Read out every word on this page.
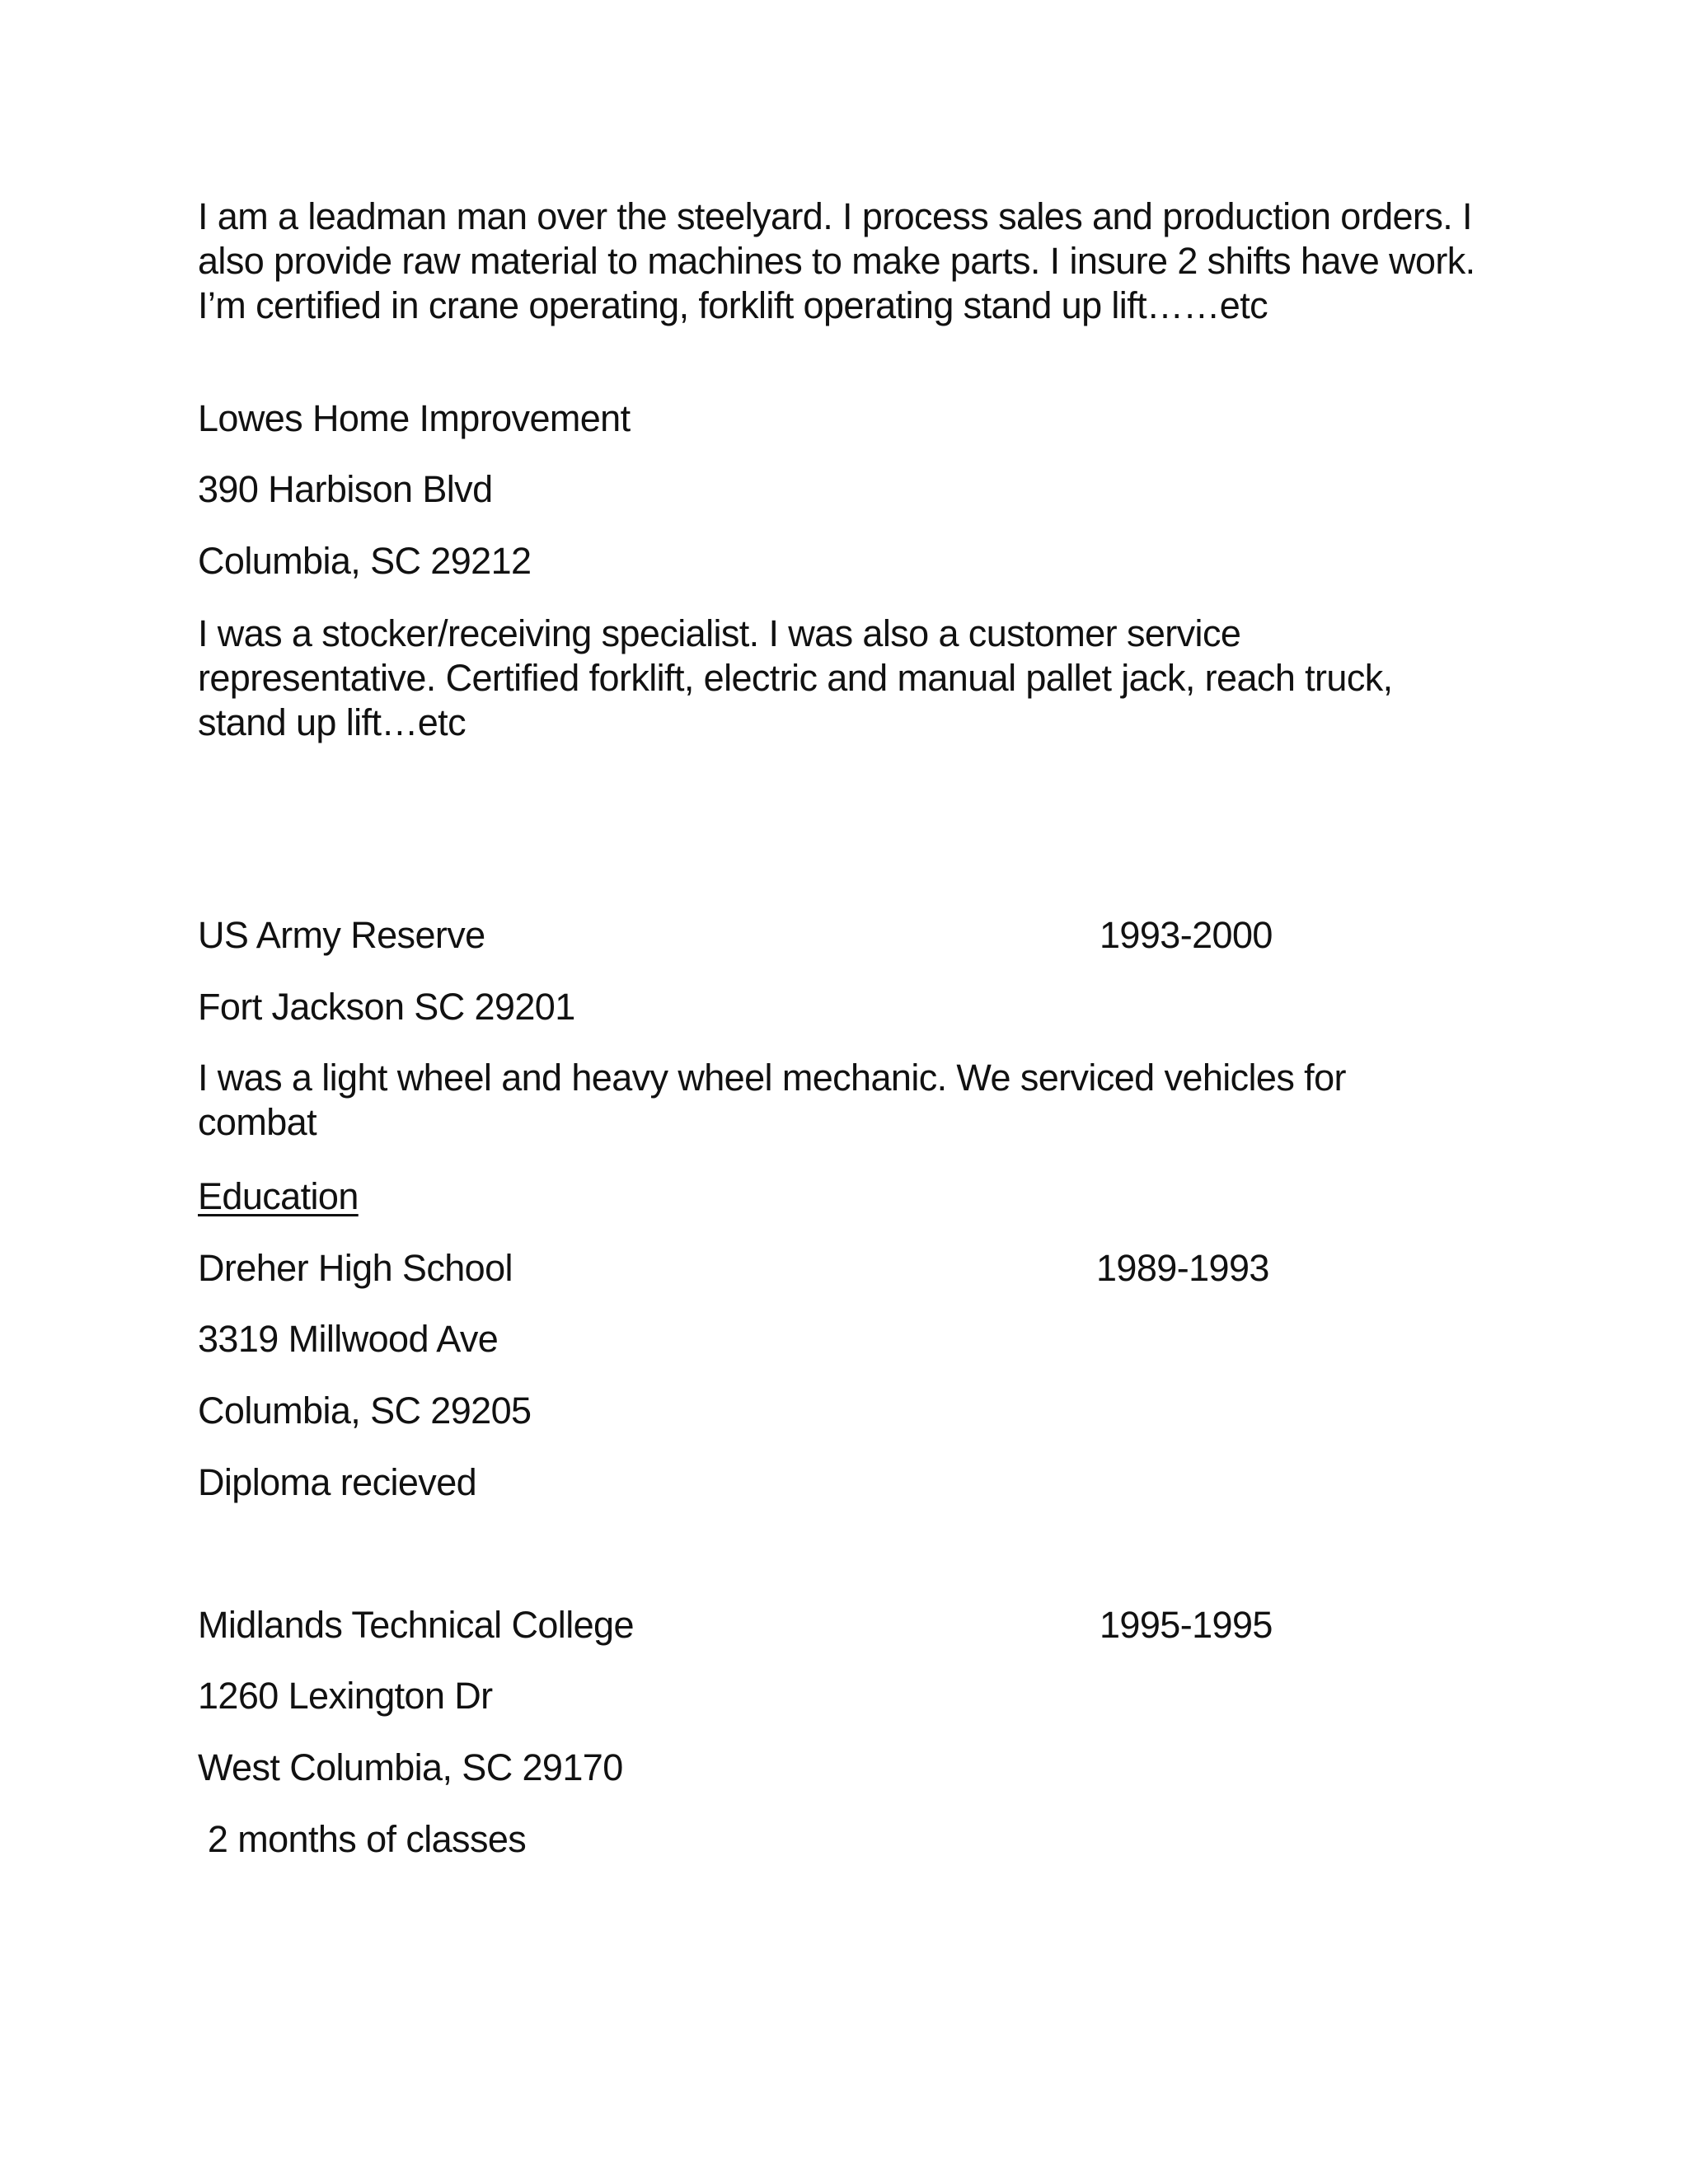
I am a leadman man over the steelyard. I process sales and production orders. I also provide raw material to machines to make parts. I insure 2 shifts have work. I’m certified in crane operating, forklift operating stand up lift……etc
Lowes Home Improvement
390 Harbison Blvd
Columbia, SC 29212
I was a stocker/receiving specialist. I was also a customer service representative. Certified forklift, electric and manual pallet jack, reach truck, stand up lift…etc
US Army Reserve	1993-2000
Fort Jackson SC 29201
I was a light wheel and heavy wheel mechanic. We serviced vehicles for combat
Education
Dreher High School	1989-1993
3319 Millwood Ave
Columbia, SC 29205
Diploma recieved
Midlands Technical College	1995-1995
1260 Lexington Dr
West Columbia, SC 29170
2 months of classes
